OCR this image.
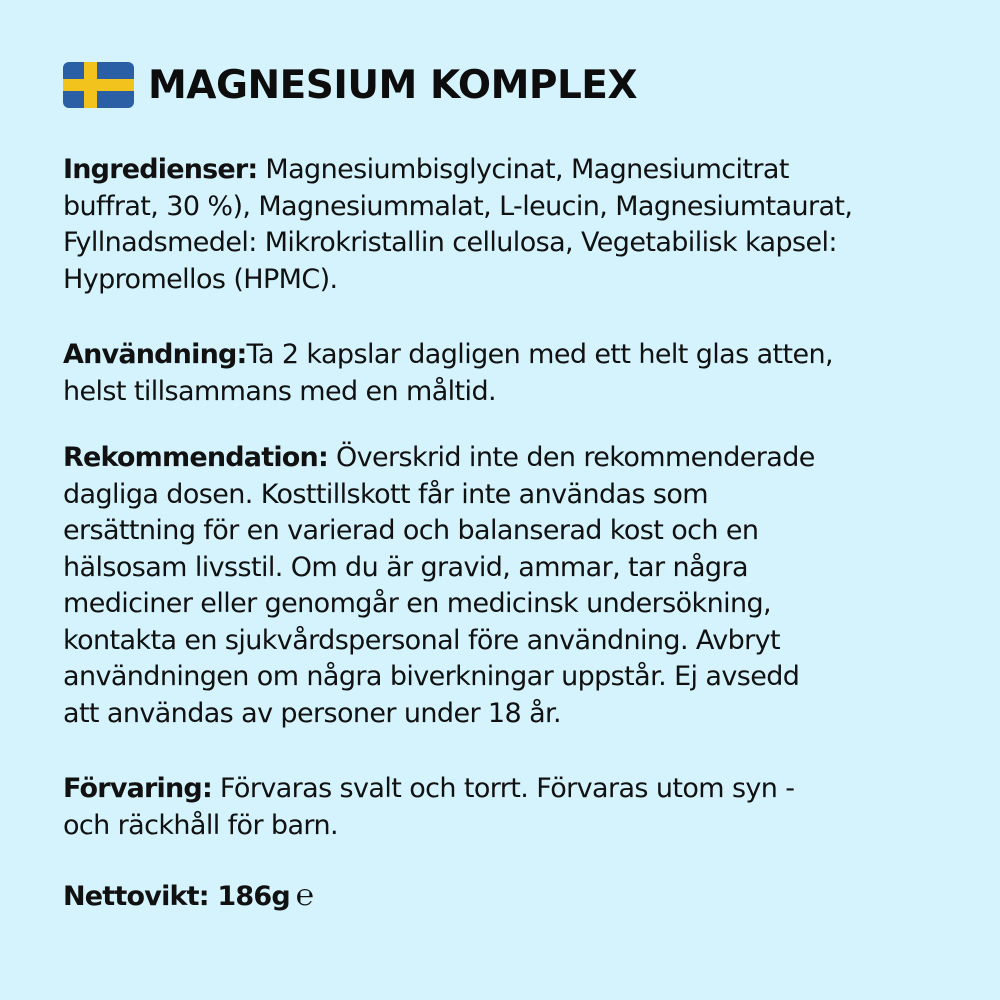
MAGNESIUM KOMPLEX
Ingredienser: Magnesiumbisglycinat, Magnesiumcitrat
buffrat, 30 %), Magnesiummalat, L-leucin, Magnesiumtaurat,
Fyllnadsmedel: Mikrokristallin cellulosa, Vegetabilisk kapsel:
Hypromellos (HPMC).
Användning:Ta 2 kapslar dagligen med ett helt glas atten,
helst tillsammans med en måltid.
Rekommendation: Överskrid inte den rekommenderade
dagliga dosen. Kosttillskott får inte användas som
ersättning för en varierad och balanserad kost och en
hälsosam livsstil. Om du är gravid, ammar, tar några
mediciner eller genomgår en medicinsk undersökning,
kontakta en sjukvårdspersonal före användning. Avbryt
användningen om några biverkningar uppstår. Ej avsedd
att användas av personer under 18 år.
Förvaring: Förvaras svalt och torrt. Förvaras utom syn -
och räckhåll för barn.
Nettovikt: 186g ℮
